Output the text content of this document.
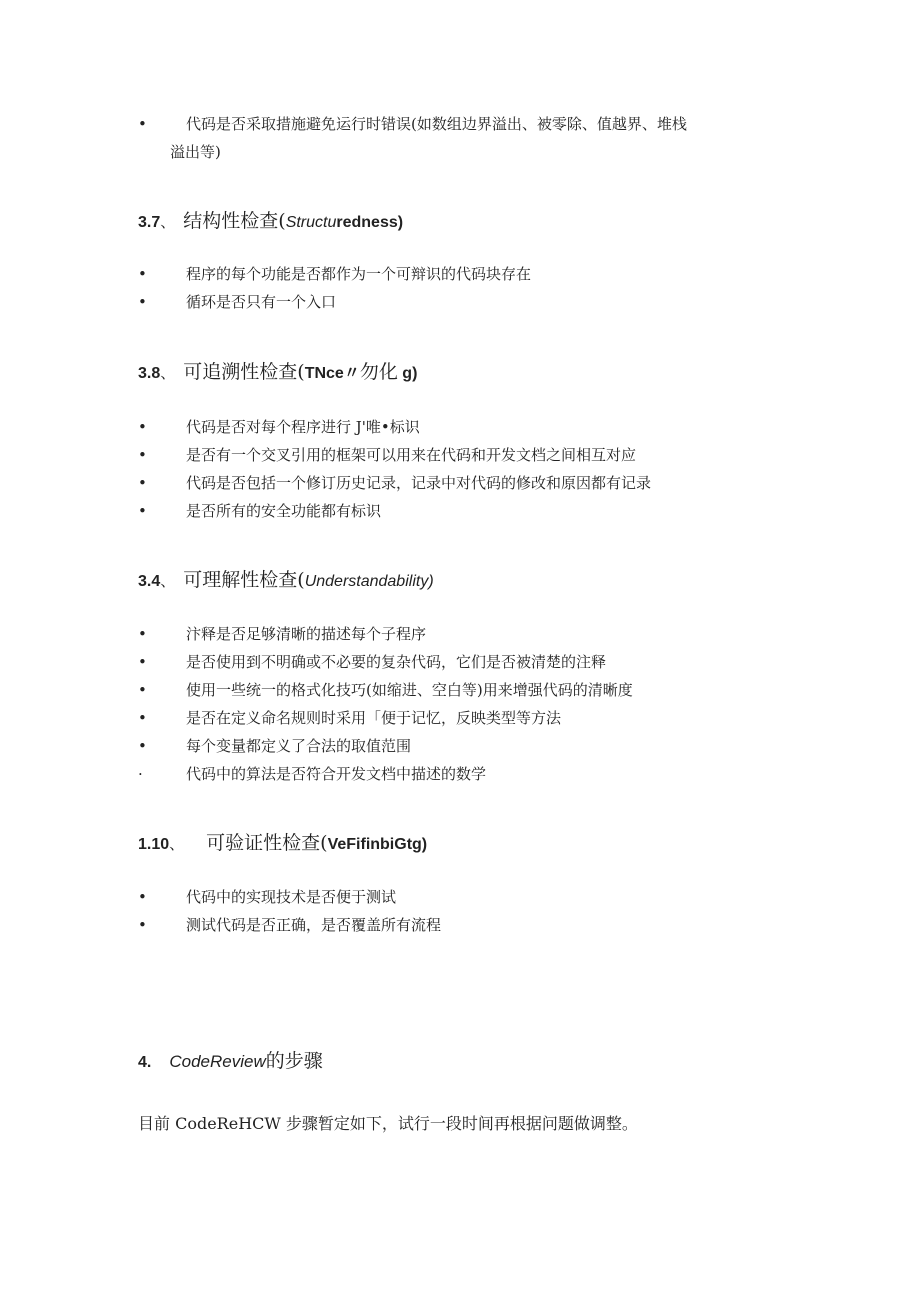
•	代码是否采取措施避免运行时错误(如数组边界溢出、被零除、值越界、堆栈
溢出等)
3.7、 结构性检查(Structuredness)
•	程序的每个功能是否都作为一个可辩识的代码块存在
•	循环是否只有一个入口
3.8、 可追溯性检查(TNce〃勿化 g)
•	代码是否对每个程序进行 J'唯•标识
•	是否有一个交叉引用的框架可以用来在代码和开发文档之间相互对应
•	代码是否包括一个修订历史记录，记录中对代码的修改和原因都有记录
•	是否所有的安全功能都有标识
3.4、 可理解性检查(Understandability)
•	汴释是否足够清晰的描述每个子程序
•	是否使用到不明确或不必要的复杂代码，它们是否被清楚的注释
•	使用一些统一的格式化技巧(如缩进、空白等)用来增强代码的清晰度
•	是否在定义命名规则时采用「便于记忆，反映类型等方法
•	每个变量都定义了合法的取值范围
·	代码中的算法是否符合开发文档中描述的数学
1.10、 可验证性检查(VeFifinbiGtg)
•	代码中的实现技术是否便于测试
•	测试代码是否正确，是否覆盖所有流程
4. CodeReview的步骤
目前 CodeReHCW 步骤暂定如下，试行一段时间再根据问题做调整。
